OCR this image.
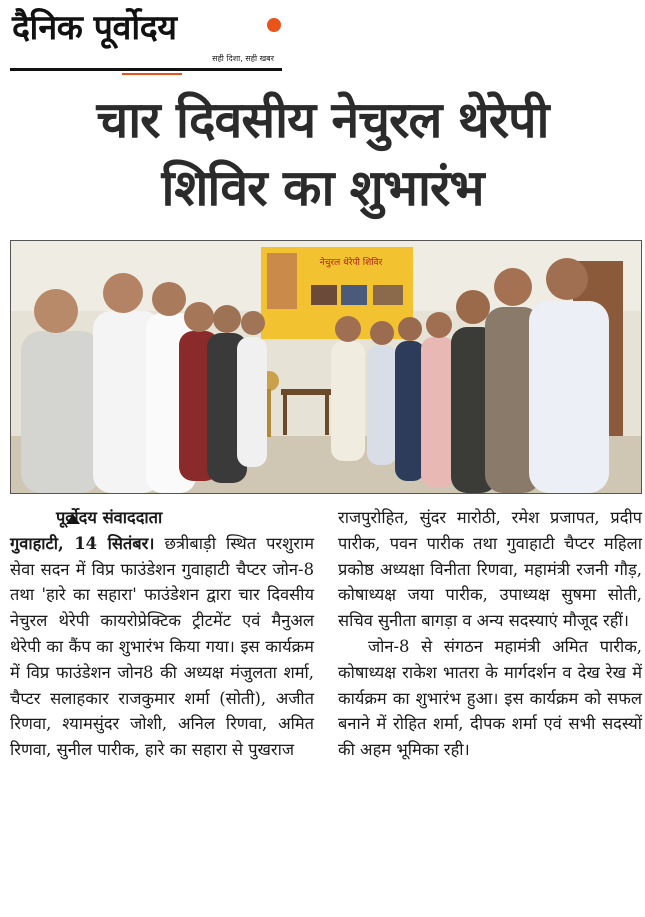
दैनिक पूर्वोदय
सही दिशा, सही खबर
चार दिवसीय नेचुरल थेरेपी
शिविर का शुभारंभ
नेचुरल थेरेपी शिविर

पूर्वोदय संवाददाता
गुवाहाटी, 14 सितंबर। छत्रीबाड़ी स्थित परशुराम सेवा सदन में विप्र फाउंडेशन गुवाहाटी चैप्टर जोन-8 तथा 'हारे का सहारा' फाउंडेशन द्वारा चार दिवसीय नेचुरल थेरेपी कायरोप्रेक्टिक ट्रीटमेंट एवं मैनुअल थेरेपी का कैंप का शुभारंभ किया गया। इस कार्यक्रम में विप्र फाउंडेशन जोन8 की अध्यक्ष मंजुलता शर्मा, चैप्टर सलाहकार राजकुमार शर्मा (सोती), अजीत रिणवा, श्यामसुंदर जोशी, अनिल रिणवा, अमित रिणवा, सुनील पारीक, हारे का सहारा से पुखराज

राजपुरोहित, सुंदर मारोठी, रमेश प्रजापत, प्रदीप पारीक, पवन पारीक तथा गुवाहाटी चैप्टर महिला प्रकोष्ठ अध्यक्षा विनीता रिणवा, महामंत्री रजनी गौड़, कोषाध्यक्ष जया पारीक, उपाध्यक्ष सुषमा सोती, सचिव सुनीता बागड़ा व अन्य सदस्याएं मौजूद रहीं।

जोन-8 से संगठन महामंत्री अमित पारीक, कोषाध्यक्ष राकेश भातरा के मार्गदर्शन व देख रेख में कार्यक्रम का शुभारंभ हुआ। इस कार्यक्रम को सफल बनाने में रोहित शर्मा, दीपक शर्मा एवं सभी सदस्यों की अहम भूमिका रही।
